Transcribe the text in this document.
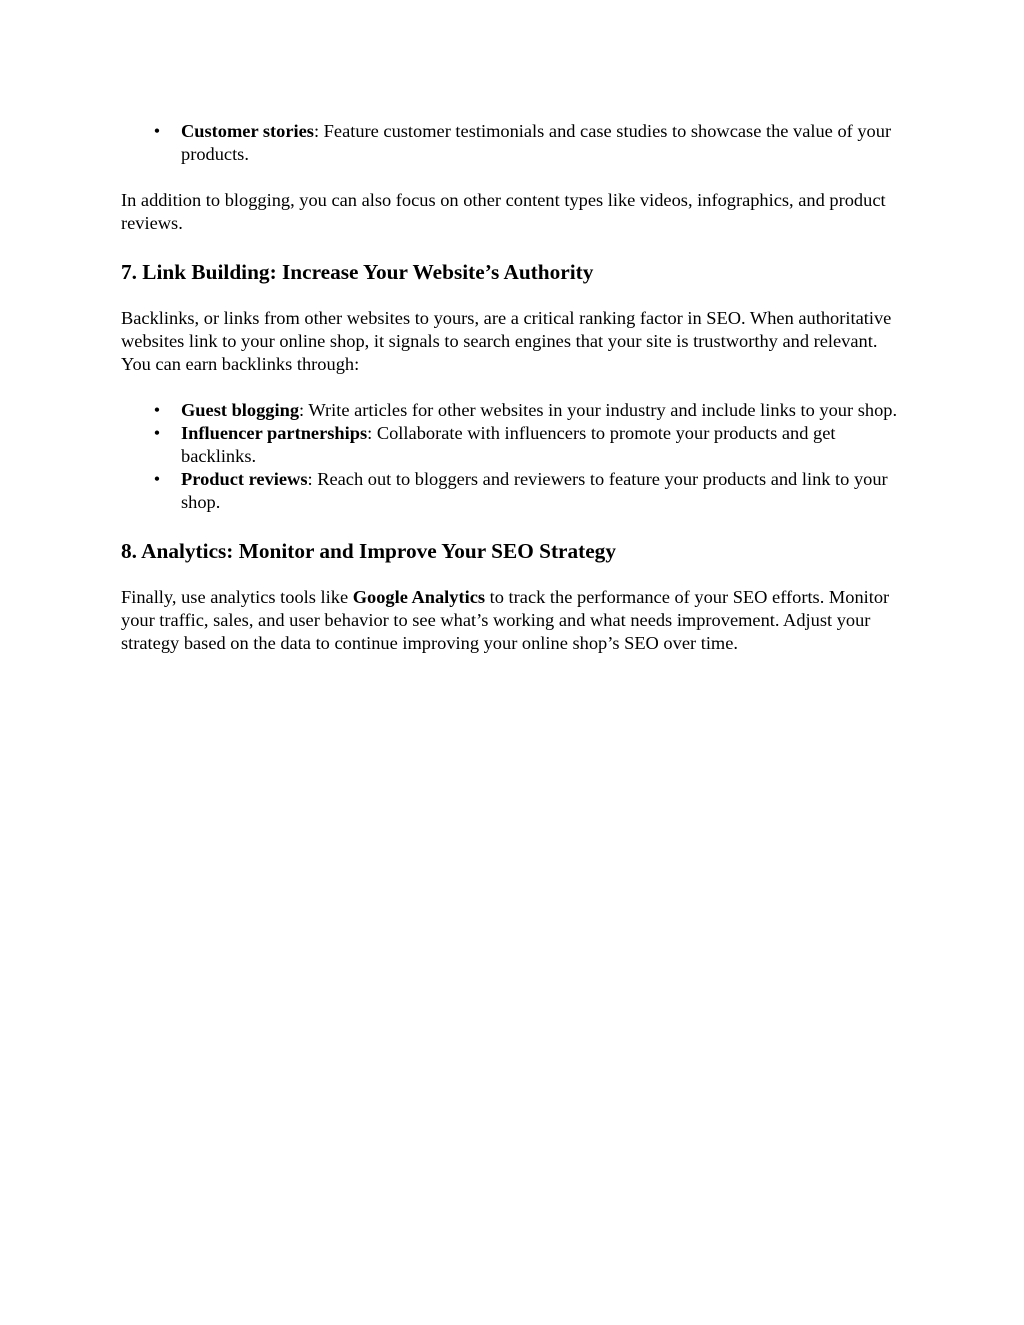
•	Customer stories: Feature customer testimonials and case studies to showcase the value of your products.

In addition to blogging, you can also focus on other content types like videos, infographics, and product reviews.

7. Link Building: Increase Your Website’s Authority

Backlinks, or links from other websites to yours, are a critical ranking factor in SEO. When authoritative websites link to your online shop, it signals to search engines that your site is trustworthy and relevant. You can earn backlinks through:

•	Guest blogging: Write articles for other websites in your industry and include links to your shop.
•	Influencer partnerships: Collaborate with influencers to promote your products and get backlinks.
•	Product reviews: Reach out to bloggers and reviewers to feature your products and link to your shop.
8. Analytics: Monitor and Improve Your SEO Strategy

Finally, use analytics tools like Google Analytics to track the performance of your SEO efforts. Monitor your traffic, sales, and user behavior to see what’s working and what needs improvement. Adjust your strategy based on the data to continue improving your online shop’s SEO over time.
